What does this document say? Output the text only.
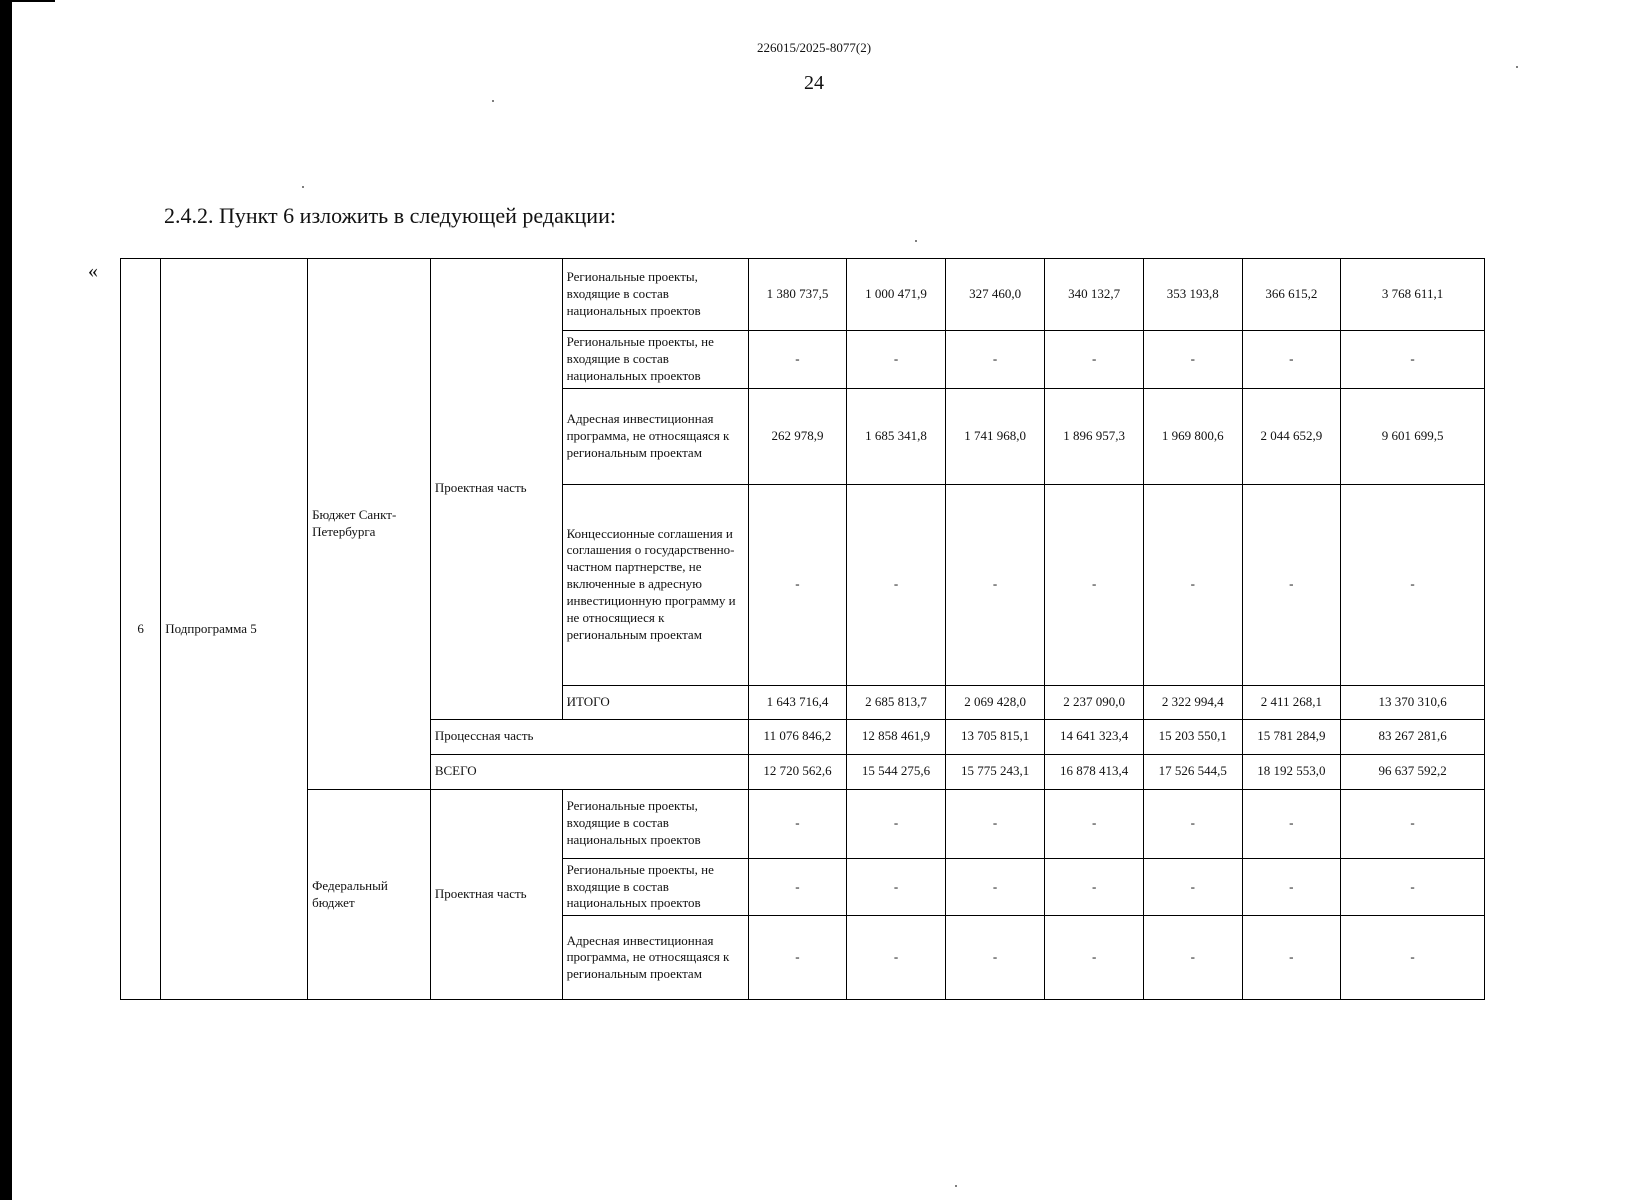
226015/2025-8077(2)
24
2.4.2. Пункт 6 изложить в следующей редакции:
«
6	Подпрограмма 5	Бюджет Санкт-Петербурга	Проектная часть	Региональные проекты, входящие в состав национальных проектов	1 380 737,5	1 000 471,9	327 460,0	340 132,7	353 193,8	366 615,2	3 768 611,1
				Региональные проекты, не входящие в состав национальных проектов	-	-	-	-	-	-	-
				Адресная инвестиционная программа, не относящаяся к региональным проектам	262 978,9	1 685 341,8	1 741 968,0	1 896 957,3	1 969 800,6	2 044 652,9	9 601 699,5
				Концессионные соглашения и соглашения о государственно-частном партнерстве, не включенные в адресную инвестиционную программу и не относящиеся к региональным проектам	-	-	-	-	-	-	-
				ИТОГО	1 643 716,4	2 685 813,7	2 069 428,0	2 237 090,0	2 322 994,4	2 411 268,1	13 370 310,6
			Процессная часть		11 076 846,2	12 858 461,9	13 705 815,1	14 641 323,4	15 203 550,1	15 781 284,9	83 267 281,6
			ВСЕГО		12 720 562,6	15 544 275,6	15 775 243,1	16 878 413,4	17 526 544,5	18 192 553,0	96 637 592,2
		Федеральный бюджет	Проектная часть	Региональные проекты, входящие в состав национальных проектов	-	-	-	-	-	-	-
				Региональные проекты, не входящие в состав национальных проектов	-	-	-	-	-	-	-
				Адресная инвестиционная программа, не относящаяся к региональным проектам	-	-	-	-	-	-	-
